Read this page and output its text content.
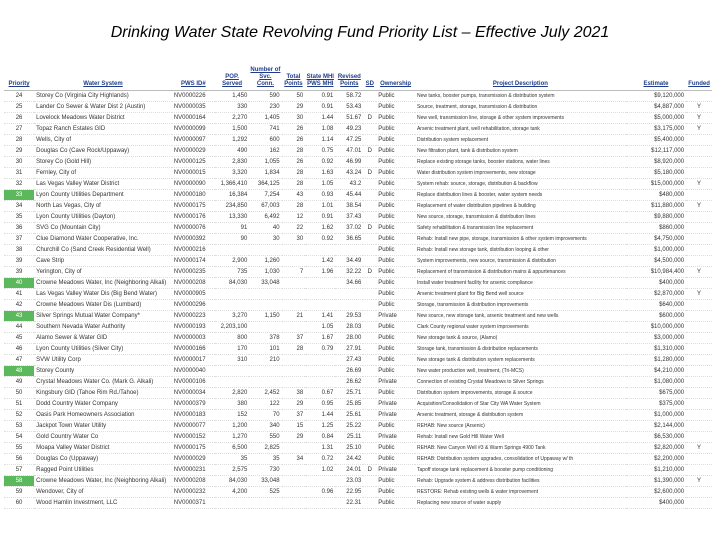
Drinking Water State Revolving Fund Priority List – Effective July 2021
Priority	Water System	PWS ID#	POP. Served	Number of Svc. Conn.	Total Points	State MHI PWS MHI	Revised Points	SD	Ownership	Project Description	Estimate	Funded
24	Storey Co (Virginia City Highlands)	NV0000226	1,450	590	50	0.91	58.72		Public	New tanks, booster pumps, transmission & distribution system	$9,120,000	
25	Lander Co Sewer & Water Dist 2 (Austin)	NV0000035	330	230	29	0.91	53.43		Public	Source, treatment, storage, transmission & distribution	$4,887,000	Y
26	Lovelock Meadows Water District	NV0000164	2,270	1,405	30	1.44	51.67	D	Public	New well, transmission line, storage & other system improvements	$5,000,000	Y
27	Topaz Ranch Estates GID	NV0000099	1,500	741	26	1.08	49.23		Public	Arsenic treatment plant, well rehabilitation, storage tank	$3,175,000	Y
28	Wells, City of	NV0000097	1,292	600	26	1.14	47.25		Public	Distribution system replacement	$5,400,000	
29	Douglas Co (Cave Rock/Uppaway)	NV0000029	490	162	28	0.75	47.01	D	Public	New filtration plant, tank & distribution system	$12,117,000	
30	Storey Co (Gold Hill)	NV0000125	2,830	1,055	26	0.92	46.99		Public	Replace existing storage tanks, booster stations, water lines	$8,920,000	
31	Fernley, City of	NV0000015	3,320	1,834	28	1.63	43.24	D	Public	Water distribution system improvements, new storage	$5,180,000	
32	Las Vegas Valley Water District	NV0000090	1,366,410	364,125	28	1.05	43.2		Public	System rehab: source, storage, distribution & backflow	$15,000,000	Y
33	Lyon County Utilities Department	NV0000180	16,384	7,254	43	0.93	45.44		Public	Replace distribution lines & booster, water system needs	$480,000	
34	North Las Vegas, City of	NV0000175	234,850	67,003	28	1.01	38.54		Public	Replacement of water distribution pipelines & building	$11,880,000	Y
35	Lyon County Utilities (Dayton)	NV0000176	13,330	6,492	12	0.91	37.43		Public	New source, storage, transmission & distribution lines	$9,880,000	
36	SVG Co (Mountain City)	NV0000076	91	40	22	1.62	37.02	D	Public	Safety rehabilitation & transmission line replacement	$860,000	
37	Clue Diamond Water Cooperative, Inc.	NV0000392	90	30	30	0.92	36.65		Public	Rehab: Install new pipe, storage, transmission & other system improvements	$4,750,000	
38	Churchill Co (Sand Creek Residential Well)	NV0000216							Public	Rehab: Install new storage tank, distribution looping & other	$1,000,000	
39	Cave Strip	NV0000174	2,900	1,260		1.42	34.49		Public	System improvements, new source, transmission & distribution	$4,500,000	
39	Yerington, City of	NV0000235	735	1,030	7	1.96	32.22	D	Public	Replacement of transmission & distribution mains & appurtenances	$10,984,400	Y
40	Crowne Meadows Water, Inc (Neighboring Alkali)	NV0000208	84,030	33,048			34.66		Public	Install water treatment facility for arsenic compliance	$400,000	
41	Las Vegas Valley Water Dis (Big Bend Water)	NV0000905							Public	Arsenic treatment plant for Big Bend well source	$2,870,000	Y
42	Crowne Meadows Water Dis (Lumbard)	NV0000296							Public	Storage, transmission & distribution improvements	$640,000	
43	Silver Springs Mutual Water Company*	NV0000223	3,270	1,150	21	1.41	29.53		Private	New source, new storage tank, arsenic treatment and new wells	$600,000	
44	Southern Nevada Water Authority	NV0000193	2,203,100			1.05	28.03		Public	Clark County regional water system improvements	$10,000,000	
45	Alamo Sewer & Water GID	NV0000003	800	378	37	1.67	28.00		Public	New storage tank & source, (Alamo)	$3,000,000	
46	Lyon County Utilities (Silver City)	NV0000166	170	101	28	0.79	27.91		Public	Storage tank, transmission & distribution replacements	$1,310,000	
47	SVW Utility Corp	NV0000017	310	210			27.43		Public	New storage tank & distribution system replacements	$1,280,000	
48	Storey County	NV0000040					26.69		Public	New water production well, treatment, (Tri-MCS)	$4,210,000	
49	Crystal Meadows Water Co. (Mark G. Alkali)	NV0000106					26.62		Private	Connection of existing Crystal Meadows to Silver Springs	$1,080,000	
50	Kingsbury GID (Tahoe Rim Rd./Tahoe)	NV0000034	2,820	2,452	38	0.67	25.71		Public	Distribution system improvements, storage & source	$675,000	
51	Dodd Country Water Company	NV0000379	380	122	29	0.95	25.85		Private	Acquisition/Consolidation of Star City WA Water System	$375,000	
52	Oasis Park Homeowners Association	NV0000183	152	70	37	1.44	25.61		Private	Arsenic treatment, storage & distribution system	$1,000,000	
53	Jackpot Town Water Utility	NV0000077	1,200	340	15	1.25	25.22		Public	REHAB: New source (Arsenic)	$2,144,000	
54	Gold Country Water Co	NV0000152	1,270	550	29	0.84	25.11		Private	Rehab: Install new Gold Hill Water Well	$6,530,000	
55	Moapa Valley Water District	NV0000175	6,500	2,825		1.31	25.10		Public	REHAB: New Canyon Well #3 & Warm Springs 4900 Tank	$2,820,000	Y
56	Douglas Co (Uppaway)	NV0000029	35	35	34	0.72	24.42		Public	REHAB: Distribution system upgrades, consolidation of Uppaway w/ th	$2,200,000	
57	Ragged Point Utilities	NV0000231	2,575	730		1.02	24.01	D	Private	Tapoff storage tank replacement & booster pump conditioning	$1,210,000	
58	Crowne Meadows Water, Inc (Neighboring Alkali)	NV0000208	84,030	33,048			23.03		Public	Rehab: Upgrade system & address distribution facilities	$1,390,000	Y
59	Wendover, City of	NV0000232	4,200	525		0.96	22.95		Public	RESTORE: Rehab existing wells & water improvement	$2,600,000	
60	Wood Hamlin Investment, LLC	NV0000371					22.31		Public	Replacing new source of water supply	$400,000	
